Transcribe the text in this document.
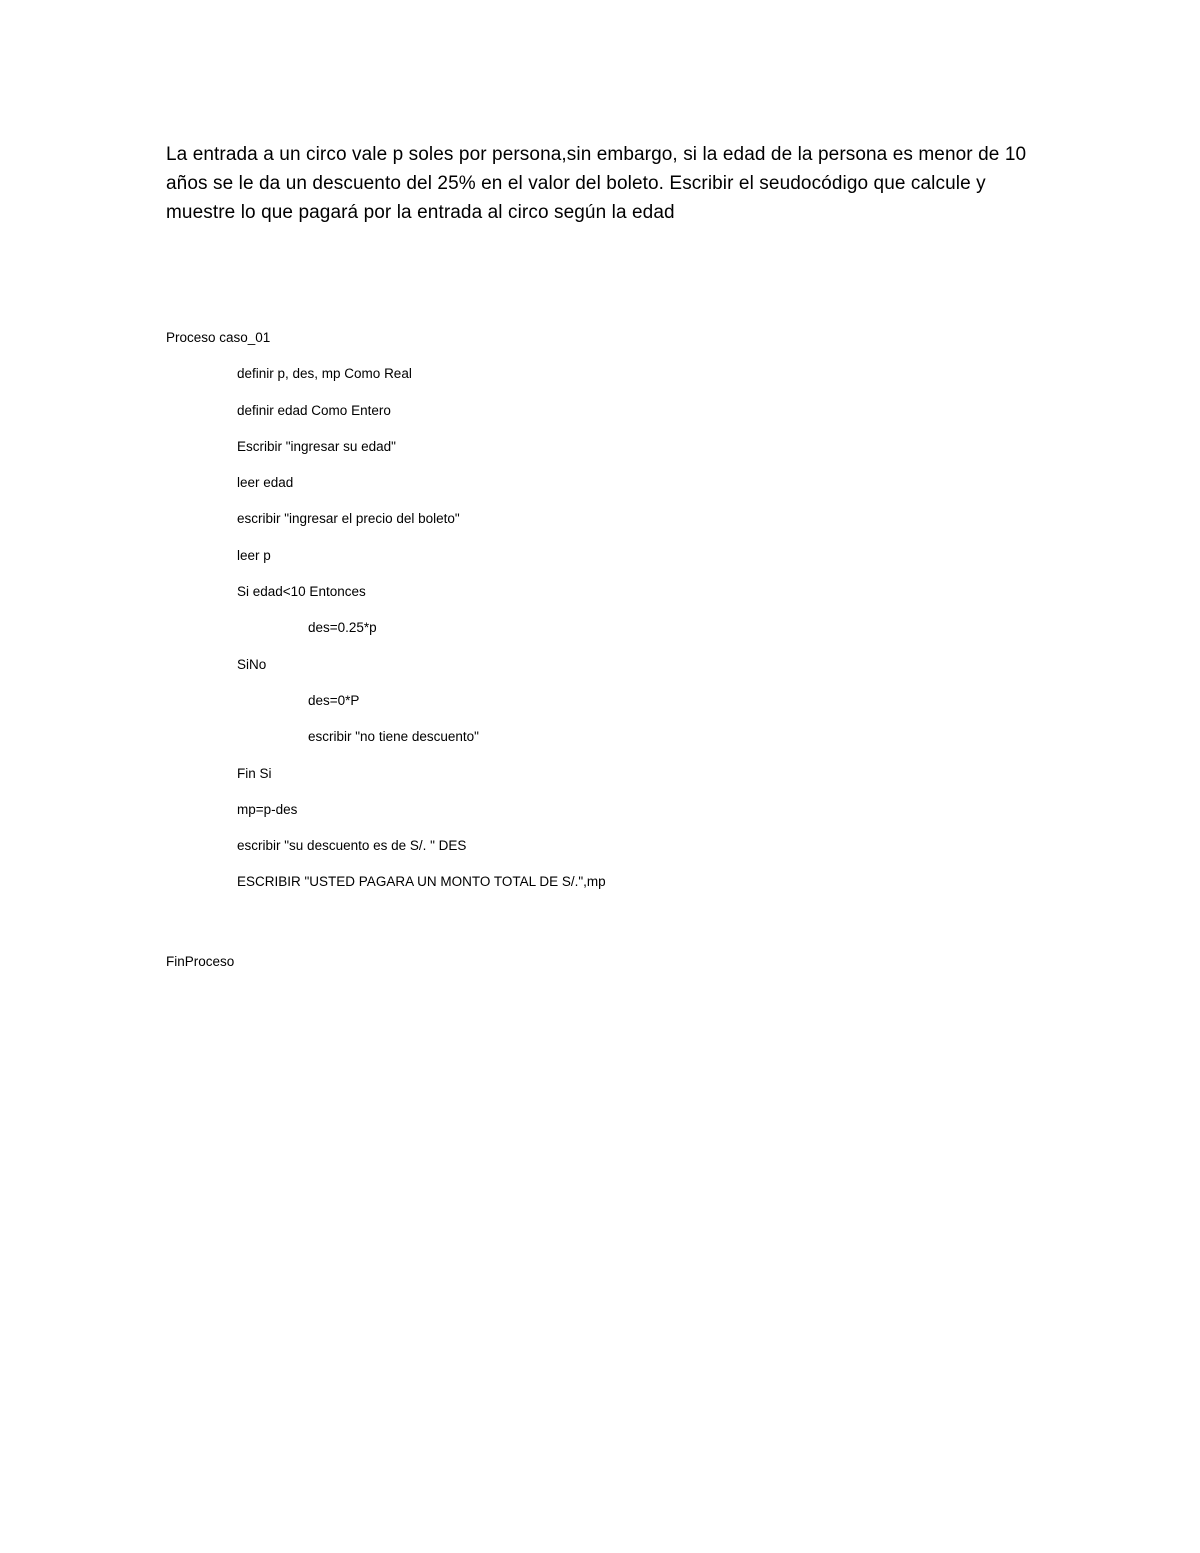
La entrada a un circo vale p soles por persona,sin embargo, si la edad de la persona es menor de 10 años se le da un descuento del 25% en el valor del boleto. Escribir el seudocódigo que calcule y muestre lo que pagará por la entrada al circo según la edad

Proceso caso_01
definir p, des, mp Como Real
definir edad Como Entero
Escribir "ingresar su edad"
leer edad
escribir "ingresar el precio del boleto"
leer p
Si edad<10 Entonces
des=0.25*p
SiNo
des=0*P
escribir "no tiene descuento"
Fin Si
mp=p-des
escribir "su descuento es de S/. " DES
ESCRIBIR "USTED PAGARA UN MONTO TOTAL DE S/.",mp

FinProceso
